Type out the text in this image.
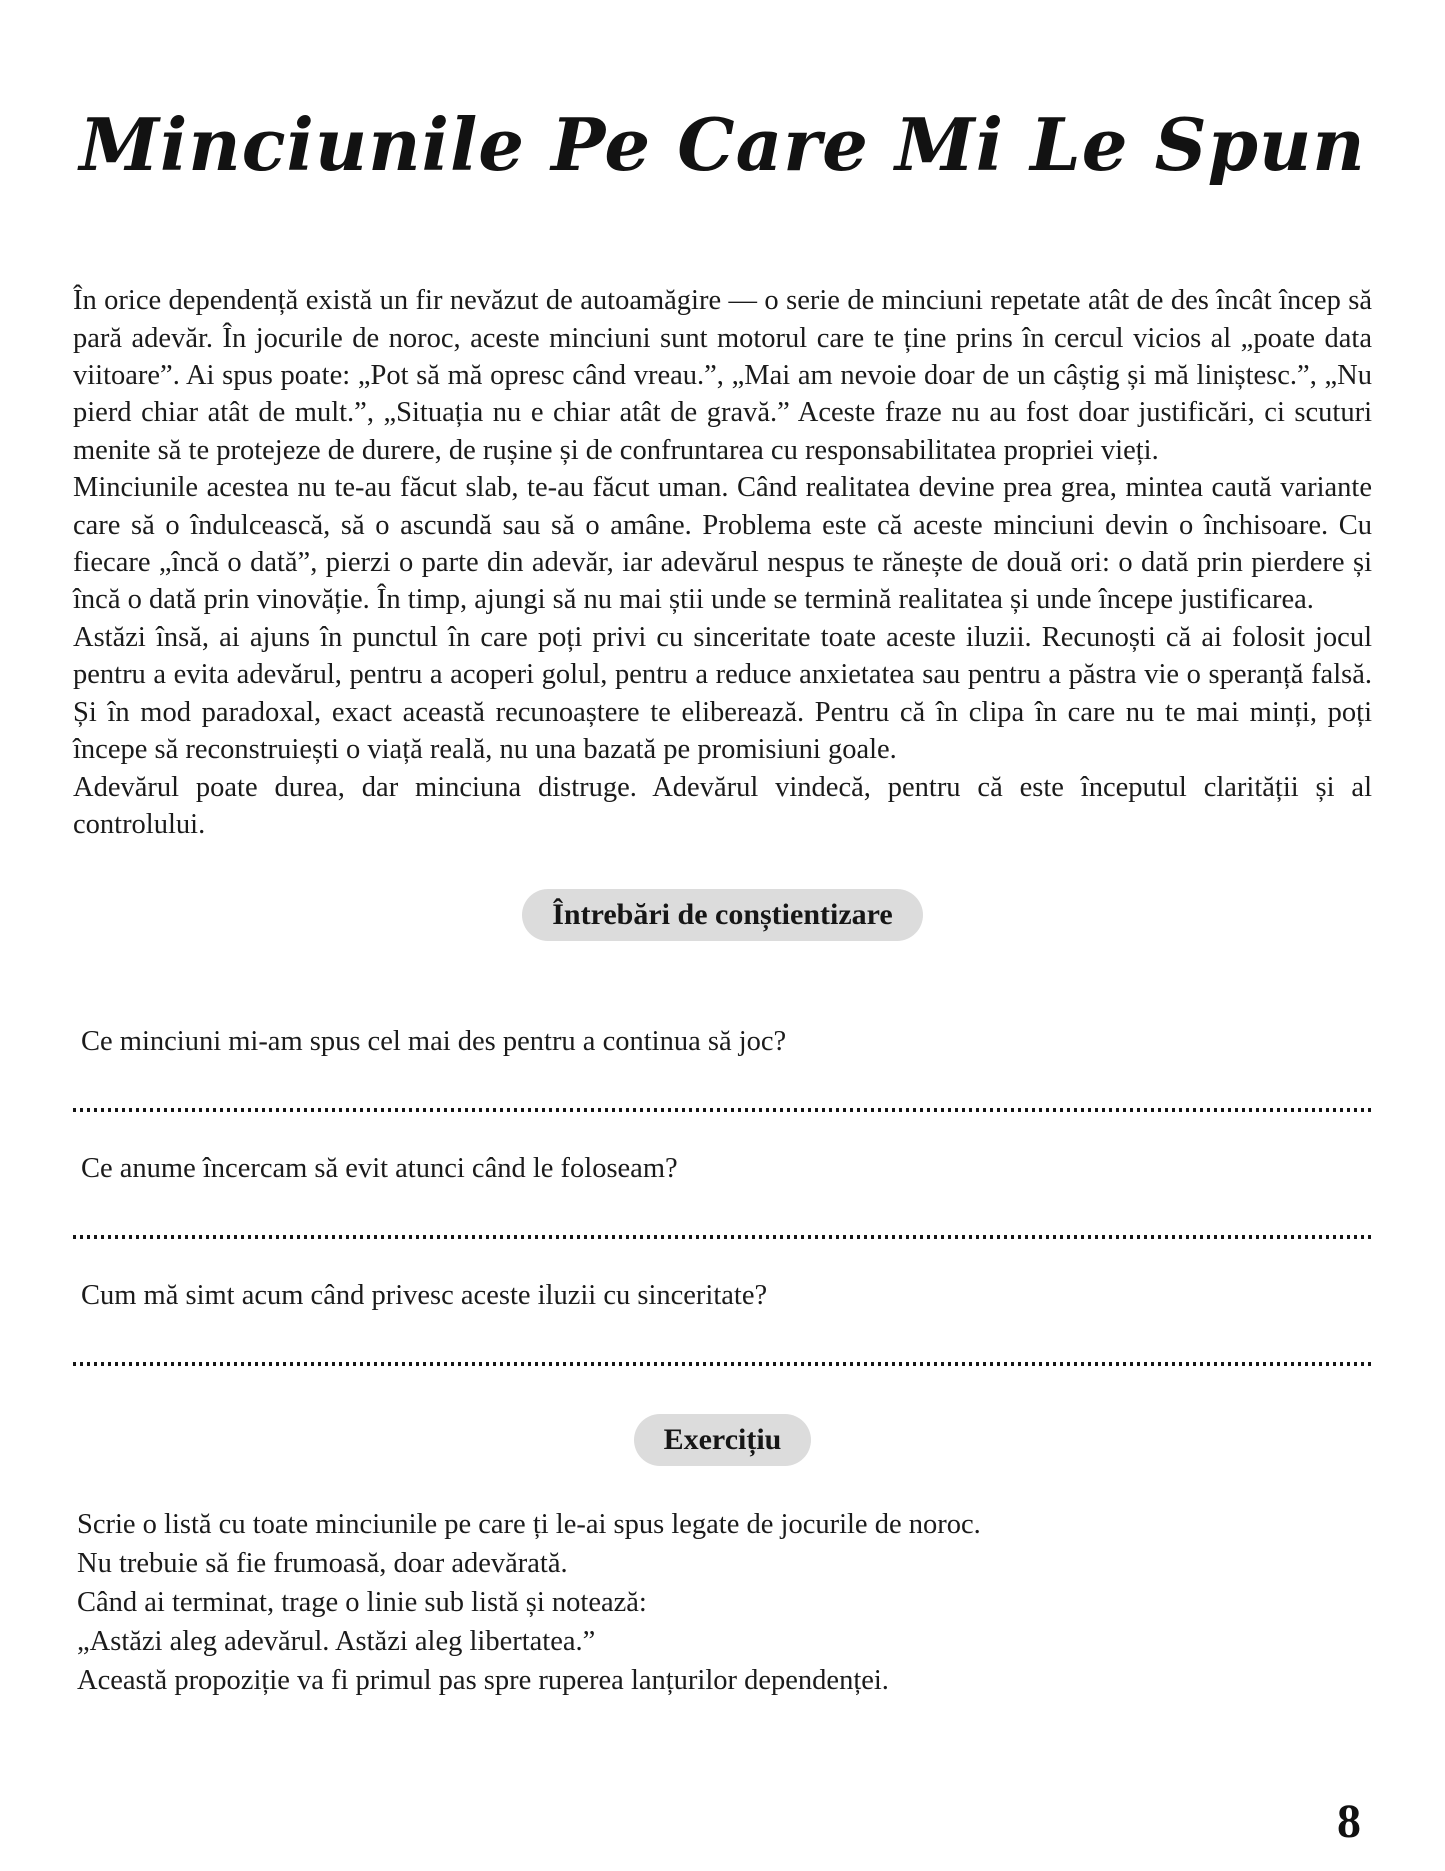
Minciunile Pe Care Mi Le Spun

În orice dependență există un fir nevăzut de autoamăgire — o serie de minciuni repetate atât de des încât încep să pară adevăr. În jocurile de noroc, aceste minciuni sunt motorul care te ține prins în cercul vicios al „poate data viitoare”. Ai spus poate: „Pot să mă opresc când vreau.”, „Mai am nevoie doar de un câștig și mă liniștesc.”, „Nu pierd chiar atât de mult.”, „Situația nu e chiar atât de gravă.” Aceste fraze nu au fost doar justificări, ci scuturi menite să te protejeze de durere, de rușine și de confruntarea cu responsabilitatea propriei vieți.

Minciunile acestea nu te-au făcut slab, te-au făcut uman. Când realitatea devine prea grea, mintea caută variante care să o îndulcească, să o ascundă sau să o amâne. Problema este că aceste minciuni devin o închisoare. Cu fiecare „încă o dată”, pierzi o parte din adevăr, iar adevărul nespus te rănește de două ori: o dată prin pierdere și încă o dată prin vinovăție. În timp, ajungi să nu mai știi unde se termină realitatea și unde începe justificarea.

Astăzi însă, ai ajuns în punctul în care poți privi cu sinceritate toate aceste iluzii. Recunoști că ai folosit jocul pentru a evita adevărul, pentru a acoperi golul, pentru a reduce anxietatea sau pentru a păstra vie o speranță falsă. Și în mod paradoxal, exact această recunoaștere te eliberează. Pentru că în clipa în care nu te mai minți, poți începe să reconstruiești o viață reală, nu una bazată pe promisiuni goale.

Adevărul poate durea, dar minciuna distruge. Adevărul vindecă, pentru că este începutul clarității și al controlului.

Întrebări de conștientizare

Ce minciuni mi-am spus cel mai des pentru a continua să joc?

Ce anume încercam să evit atunci când le foloseam?

Cum mă simt acum când privesc aceste iluzii cu sinceritate?

Exercițiu

Scrie o listă cu toate minciunile pe care ți le-ai spus legate de jocurile de noroc.

Nu trebuie să fie frumoasă, doar adevărată.

Când ai terminat, trage o linie sub listă și notează:

„Astăzi aleg adevărul. Astăzi aleg libertatea.”

Această propoziție va fi primul pas spre ruperea lanțurilor dependenței.

8
